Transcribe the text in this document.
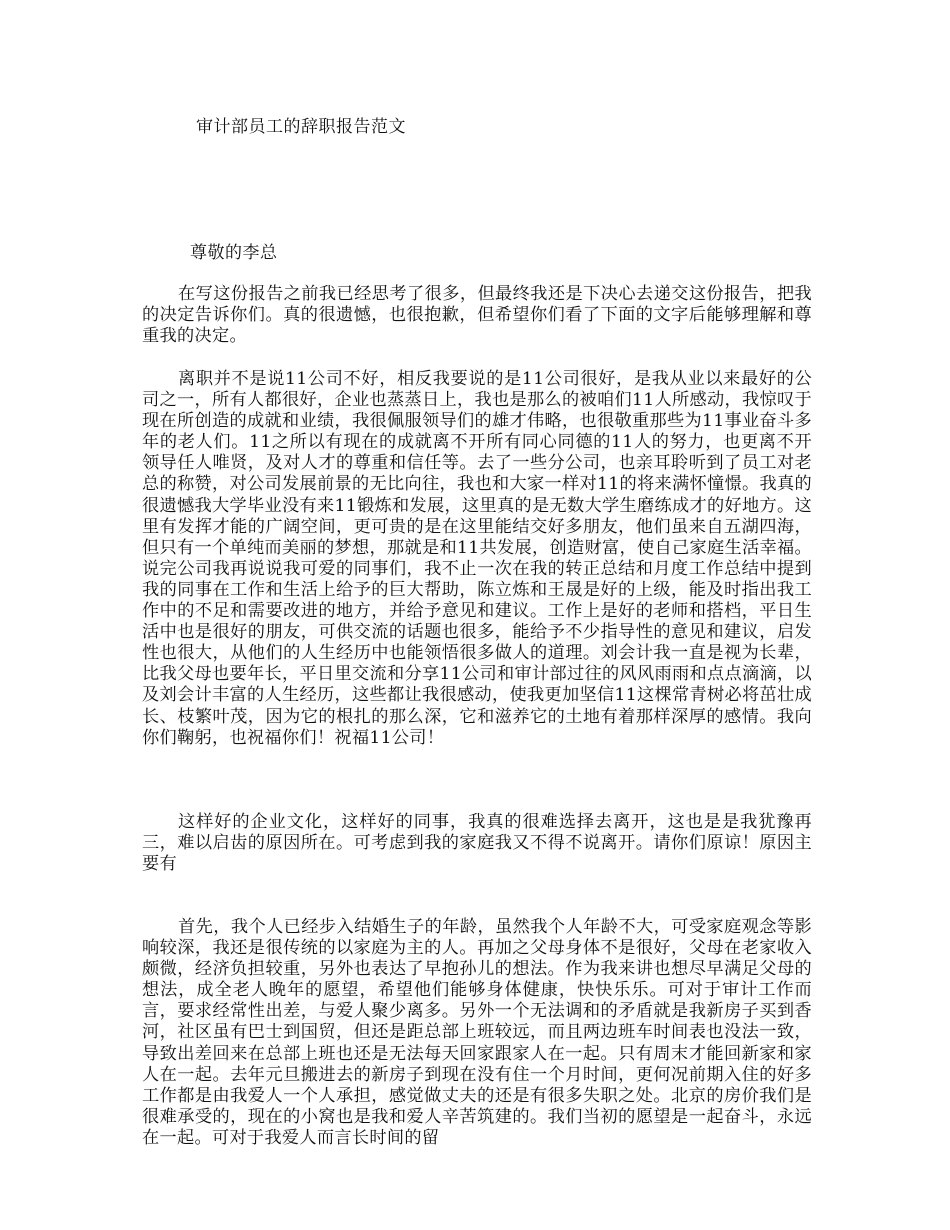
审计部员工的辞职报告范文
尊敬的李总

在写这份报告之前我已经思考了很多，但最终我还是下决心去递交这份报告，把我的决定告诉你们。真的很遗憾，也很抱歉，但希望你们看了下面的文字后能够理解和尊重我的决定。

离职并不是说11公司不好，相反我要说的是11公司很好，是我从业以来最好的公司之一，所有人都很好，企业也蒸蒸日上，我也是那么的被咱们11人所感动，我惊叹于现在所创造的成就和业绩，我很佩服领导们的雄才伟略，也很敬重那些为11事业奋斗多年的老人们。11之所以有现在的成就离不开所有同心同德的11人的努力，也更离不开领导任人唯贤，及对人才的尊重和信任等。去了一些分公司，也亲耳聆听到了员工对老总的称赞，对公司发展前景的无比向往，我也和大家一样对11的将来满怀憧憬。我真的很遗憾我大学毕业没有来11锻炼和发展，这里真的是无数大学生磨练成才的好地方。这里有发挥才能的广阔空间，更可贵的是在这里能结交好多朋友，他们虽来自五湖四海，但只有一个单纯而美丽的梦想，那就是和11共发展，创造财富，使自己家庭生活幸福。说完公司我再说说我可爱的同事们，我不止一次在我的转正总结和月度工作总结中提到我的同事在工作和生活上给予的巨大帮助，陈立炼和王晟是好的上级，能及时指出我工作中的不足和需要改进的地方，并给予意见和建议。工作上是好的老师和搭档，平日生活中也是很好的朋友，可供交流的话题也很多，能给予不少指导性的意见和建议，启发性也很大，从他们的人生经历中也能领悟很多做人的道理。刘会计我一直是视为长辈，比我父母也要年长，平日里交流和分享11公司和审计部过往的风风雨雨和点点滴滴，以及刘会计丰富的人生经历，这些都让我很感动，使我更加坚信11这棵常青树必将茁壮成长、枝繁叶茂，因为它的根扎的那么深，它和滋养它的土地有着那样深厚的感情。我向你们鞠躬，也祝福你们！祝福11公司！

这样好的企业文化，这样好的同事，我真的很难选择去离开，这也是是我犹豫再三，难以启齿的原因所在。可考虑到我的家庭我又不得不说离开。请你们原谅！原因主要有

首先，我个人已经步入结婚生子的年龄，虽然我个人年龄不大，可受家庭观念等影响较深，我还是很传统的以家庭为主的人。再加之父母身体不是很好，父母在老家收入颇微，经济负担较重，另外也表达了早抱孙儿的想法。作为我来讲也想尽早满足父母的想法，成全老人晚年的愿望，希望他们能够身体健康，快快乐乐。可对于审计工作而言，要求经常性出差，与爱人聚少离多。另外一个无法调和的矛盾就是我新房子买到香河，社区虽有巴士到国贸，但还是距总部上班较远，而且两边班车时间表也没法一致，导致出差回来在总部上班也还是无法每天回家跟家人在一起。只有周末才能回新家和家人在一起。去年元旦搬进去的新房子到现在没有住一个月时间，更何况前期入住的好多工作都是由我爱人一个人承担，感觉做丈夫的还是有很多失职之处。北京的房价我们是很难承受的，现在的小窝也是我和爱人辛苦筑建的。我们当初的愿望是一起奋斗，永远在一起。可对于我爱人而言长时间的留
